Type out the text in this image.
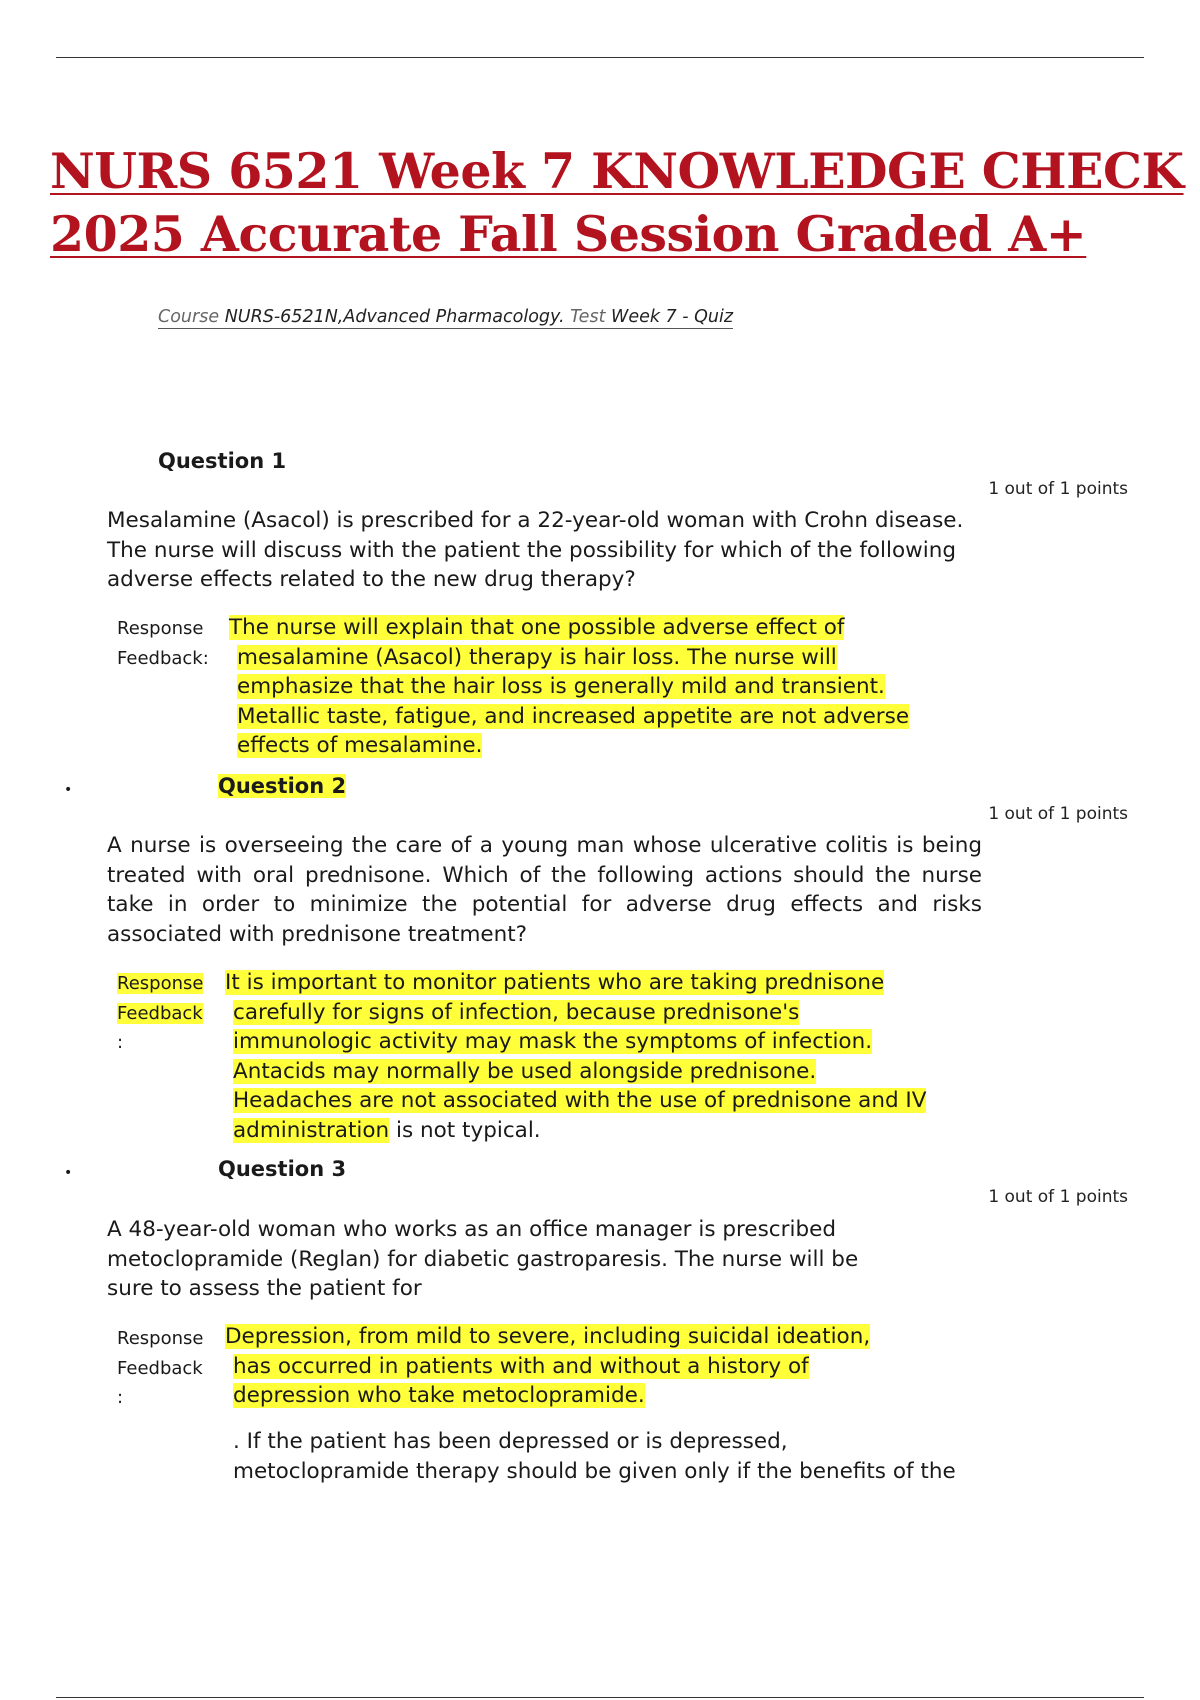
NURS 6521 Week 7 KNOWLEDGE CHECK
2025 Accurate Fall Session Graded A+
Course NURS-6521N,Advanced Pharmacology. Test Week 7 - Quiz
Question 1
1 out of 1 points
Mesalamine (Asacol) is prescribed for a 22-year-old woman with Crohn disease. The nurse will discuss with the patient the possibility for which of the following adverse effects related to the new drug therapy?
Response
Feedback:
The nurse will explain that one possible adverse effect of
mesalamine (Asacol) therapy is hair loss. The nurse will
emphasize that the hair loss is generally mild and transient.
Metallic taste, fatigue, and increased appetite are not adverse
effects of mesalamine.
•	Question 2
1 out of 1 points
A nurse is overseeing the care of a young man whose ulcerative colitis is being treated with oral prednisone. Which of the following actions should the nurse take in order to minimize the potential for adverse drug effects and risks associated with prednisone treatment?
Response
Feedback
:
It is important to monitor patients who are taking prednisone
carefully for signs of infection, because prednisone's
immunologic activity may mask the symptoms of infection.
Antacids may normally be used alongside prednisone.
Headaches are not associated with the use of prednisone and IV
administration is not typical.
•	Question 3
1 out of 1 points
A 48-year-old woman who works as an office manager is prescribed
metoclopramide (Reglan) for diabetic gastroparesis. The nurse will be
sure to assess the patient for
Response
Feedback
:
Depression, from mild to severe, including suicidal ideation,
has occurred in patients with and without a history of
depression who take metoclopramide.
. If the patient has been depressed or is depressed,
metoclopramide therapy should be given only if the benefits of the
